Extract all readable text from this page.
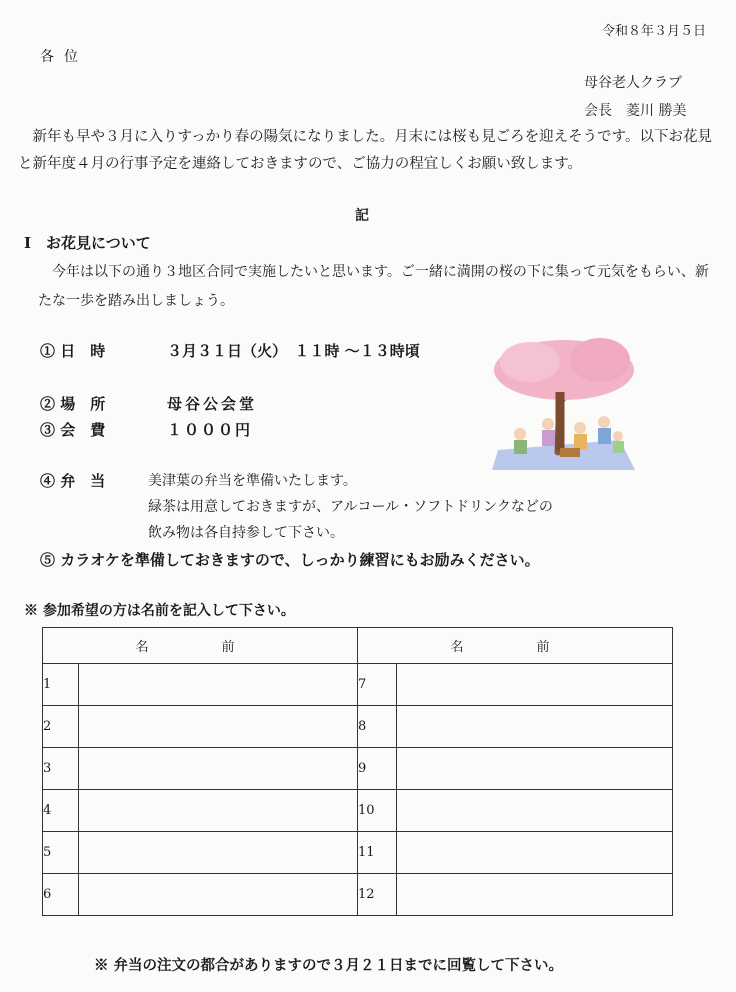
令和８年３月５日
各位
母谷老人クラブ
会長　菱川 勝美
新年も早や３月に入りすっかり春の陽気になりました。月末には桜も見ごろを迎えそうです。以下お花見と新年度４月の行事予定を連絡しておきますので、ご協力の程宜しくお願い致します。
記
Ⅰ　お花見について
今年は以下の通り３地区合同で実施したいと思います。ご一緒に満開の桜の下に集って元気をもらい、新たな一歩を踏み出しましょう。
① 日　時	３月３１日（火）　１１時 ～１３時頃
② 場　所	母谷公会堂
③ 会　費	１０００円
④ 弁　当	美津葉の弁当を準備いたします。
緑茶は用意しておきますが、アルコール・ソフトドリンクなどの
飲み物は各自持参して下さい。
⑤ カラオケを準備しておきますので、しっかり練習にもお励みください。
※ 参加希望の方は名前を記入して下さい。
名　前		名　前	
1		7	
2		8	
3		9	
4		10	
5		11	
6		12	
※ 弁当の注文の都合がありますので３月２１日までに回覧して下さい。
